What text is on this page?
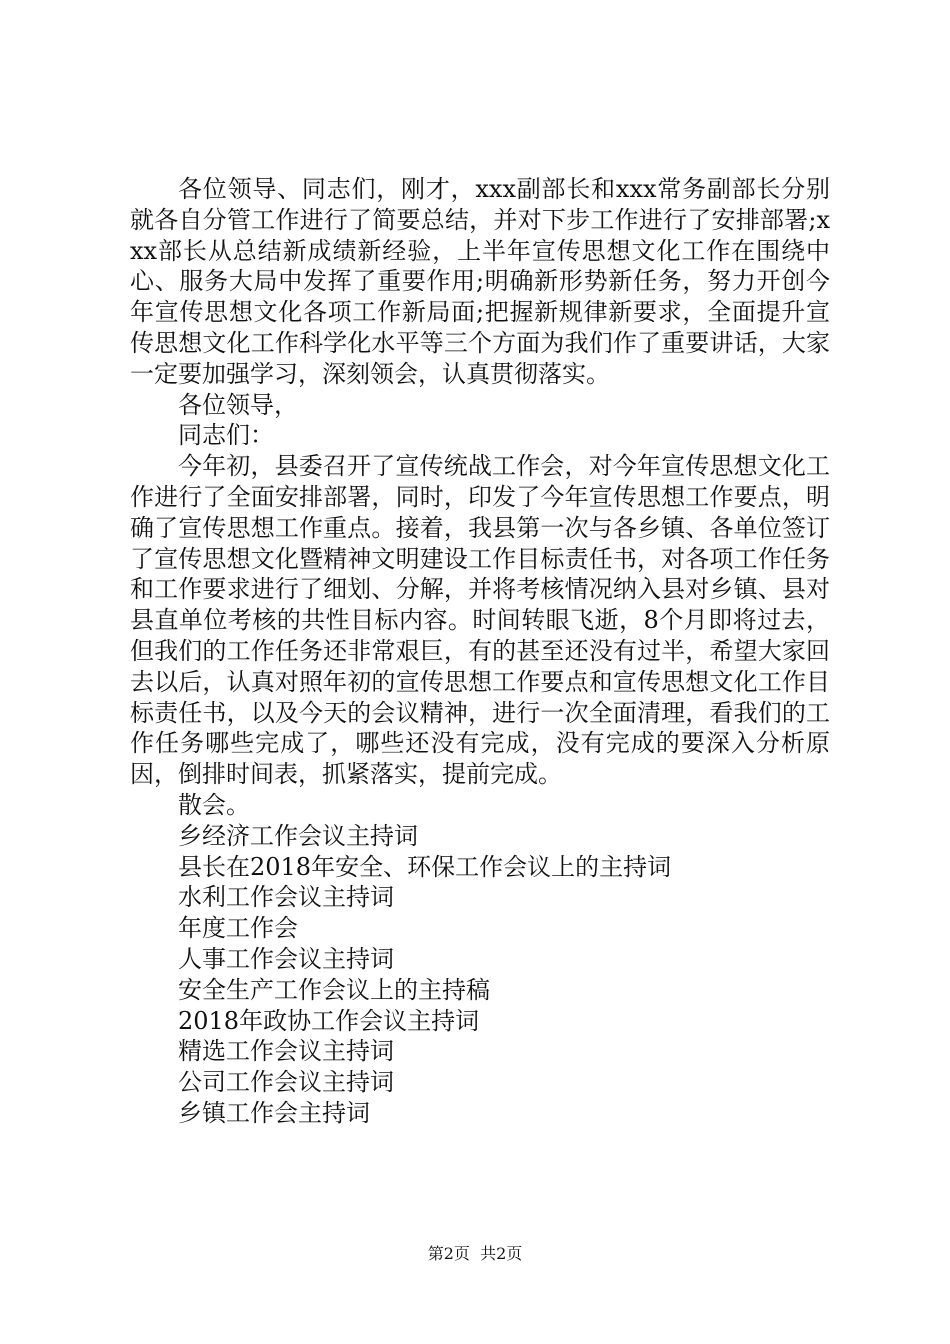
各位领导、同志们，刚才，xxx副部长和xxx常务副部长分别就各自分管工作进行了简要总结，并对下步工作进行了安排部署;xxx部长从总结新成绩新经验，上半年宣传思想文化工作在围绕中心、服务大局中发挥了重要作用;明确新形势新任务，努力开创今年宣传思想文化各项工作新局面;把握新规律新要求，全面提升宣传思想文化工作科学化水平等三个方面为我们作了重要讲话，大家一定要加强学习，深刻领会，认真贯彻落实。

各位领导，

同志们：

今年初，县委召开了宣传统战工作会，对今年宣传思想文化工作进行了全面安排部署，同时，印发了今年宣传思想工作要点，明确了宣传思想工作重点。接着，我县第一次与各乡镇、各单位签订了宣传思想文化暨精神文明建设工作目标责任书，对各项工作任务和工作要求进行了细划、分解，并将考核情况纳入县对乡镇、县对县直单位考核的共性目标内容。时间转眼飞逝，8个月即将过去，但我们的工作任务还非常艰巨，有的甚至还没有过半，希望大家回去以后，认真对照年初的宣传思想工作要点和宣传思想文化工作目标责任书，以及今天的会议精神，进行一次全面清理，看我们的工作任务哪些完成了，哪些还没有完成，没有完成的要深入分析原因，倒排时间表，抓紧落实，提前完成。

散会。

乡经济工作会议主持词

县长在2018年安全、环保工作会议上的主持词

水利工作会议主持词

年度工作会

人事工作会议主持词

安全生产工作会议上的主持稿

2018年政协工作会议主持词

精选工作会议主持词

公司工作会议主持词

乡镇工作会主持词

第2页 共2页
